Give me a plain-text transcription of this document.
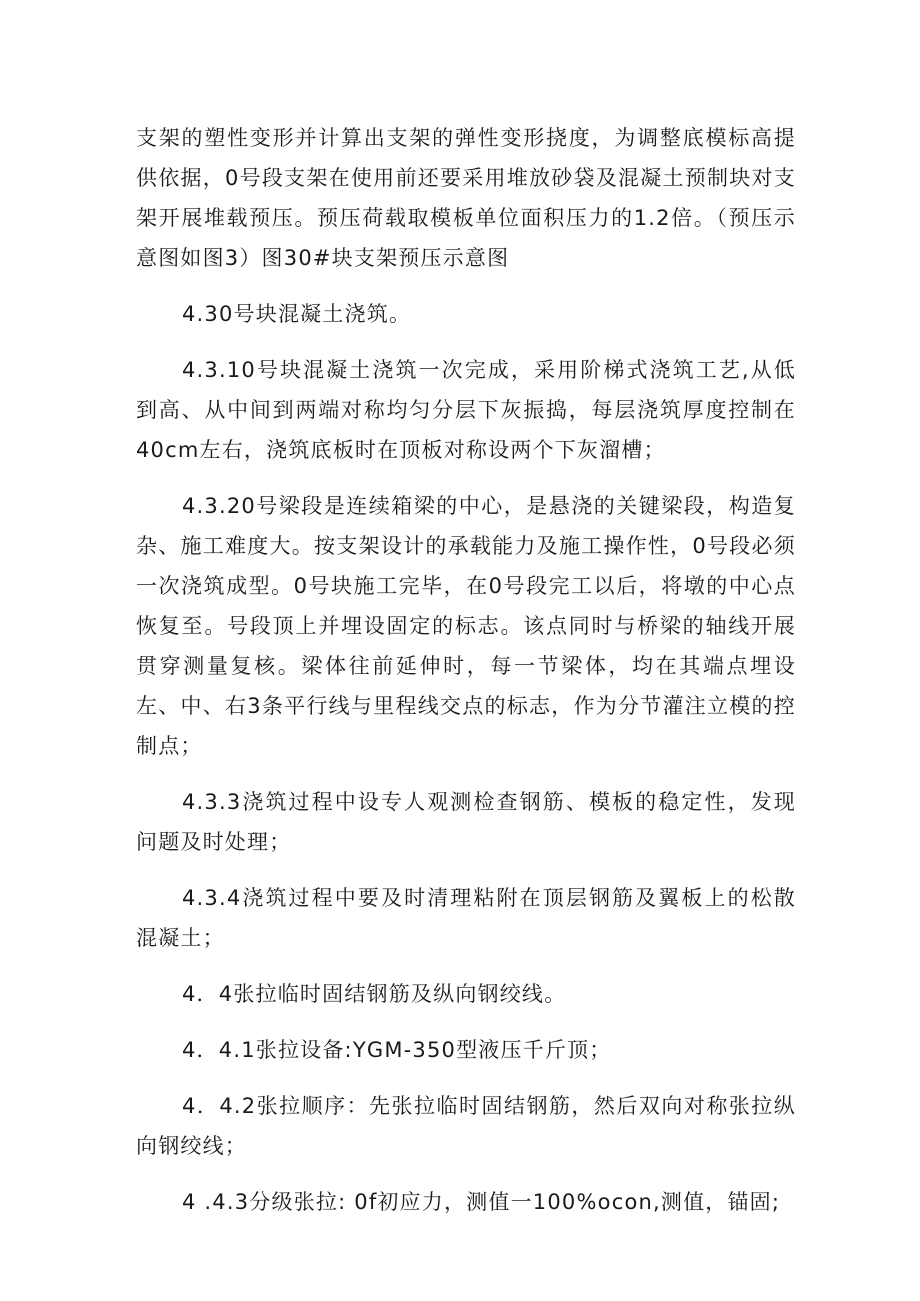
支架的塑性变形并计算出支架的弹性变形挠度，为调整底模标高提供依据，0号段支架在使用前还要采用堆放砂袋及混凝土预制块对支架开展堆载预压。预压荷载取模板单位面积压力的1.2倍。（预压示意图如图3）图30#块支架预压示意图

4.30号块混凝土浇筑。

4.3.10号块混凝土浇筑一次完成，采用阶梯式浇筑工艺,从低到高、从中间到两端对称均匀分层下灰振捣，每层浇筑厚度控制在40cm左右，浇筑底板时在顶板对称设两个下灰溜槽；

4.3.20号梁段是连续箱梁的中心，是悬浇的关键梁段，构造复杂、施工难度大。按支架设计的承载能力及施工操作性，0号段必须一次浇筑成型。0号块施工完毕，在0号段完工以后，将墩的中心点恢复至。号段顶上并埋设固定的标志。该点同时与桥梁的轴线开展贯穿测量复核。梁体往前延伸时，每一节梁体，均在其端点埋设左、中、右3条平行线与里程线交点的标志，作为分节灌注立模的控制点；

4.3.3浇筑过程中设专人观测检查钢筋、模板的稳定性，发现问题及时处理；

4.3.4浇筑过程中要及时清理粘附在顶层钢筋及翼板上的松散混凝土；

4．4张拉临时固结钢筋及纵向钢绞线。

4．4.1张拉设备:YGM-350型液压千斤顶；

4．4.2张拉顺序：先张拉临时固结钢筋，然后双向对称张拉纵向钢绞线；

4 .4.3分级张拉: 0f初应力，测值一100%ocon,测值，锚固;
